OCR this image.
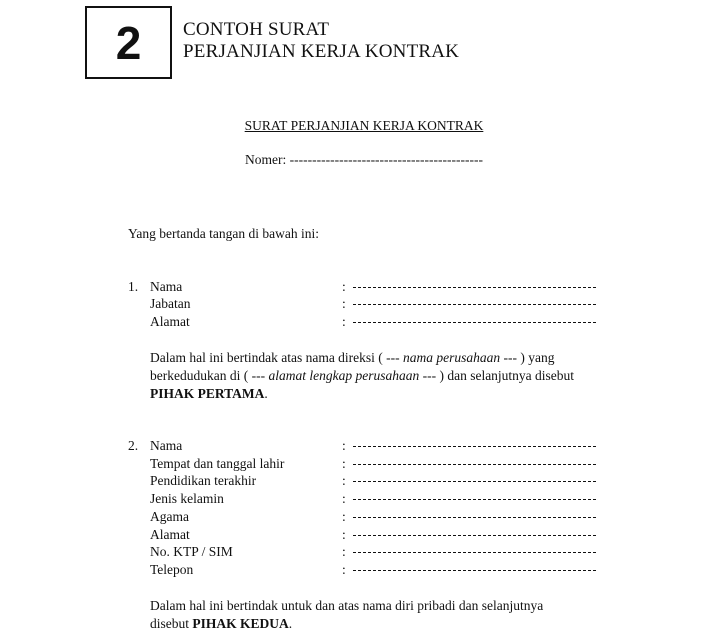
2 CONTOH SURAT
PERJANJIAN KERJA KONTRAK
SURAT PERJANJIAN KERJA KONTRAK
Nomer: -------------------------------------------
Yang bertanda tangan di bawah ini:
1. Nama	:
Jabatan	:
Alamat	:
Dalam hal ini bertindak atas nama direksi ( --- nama perusahaan --- ) yang
berkedudukan di ( --- alamat lengkap perusahaan --- ) dan selanjutnya disebut
PIHAK PERTAMA.
2. Nama	:
Tempat dan tanggal lahir	:
Pendidikan terakhir	:
Jenis kelamin	:
Agama	:
Alamat	:
No. KTP / SIM	:
Telepon	:
Dalam hal ini bertindak untuk dan atas nama diri pribadi dan selanjutnya
disebut PIHAK KEDUA.
